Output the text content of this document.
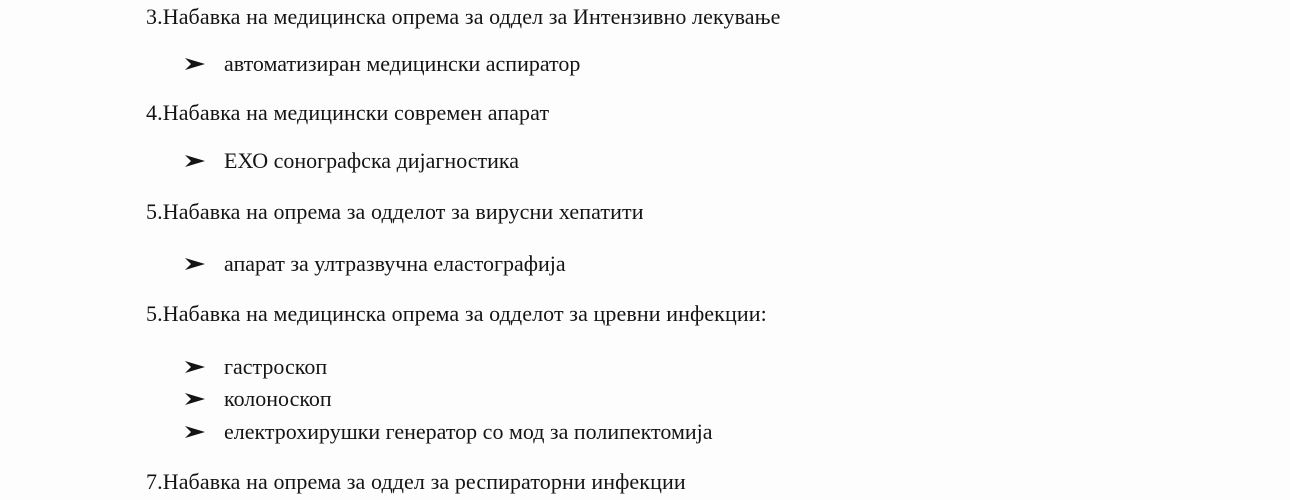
3.Набавка на медицинска опрема за оддел за Интензивно лекување
автоматизиран медицински аспиратор
4.Набавка на медицински современ апарат
ЕХО сонографска дијагностика
5.Набавка на опрема за одделот за вирусни хепатити
апарат за ултразвучна еластографија
5.Набавка на медицинска опрема за одделот за цревни инфекции:
гастроскоп
колоноскоп
електрохирушки генератор со мод за полипектомија
7.Набавка на опрема за оддел за респираторни инфекции
